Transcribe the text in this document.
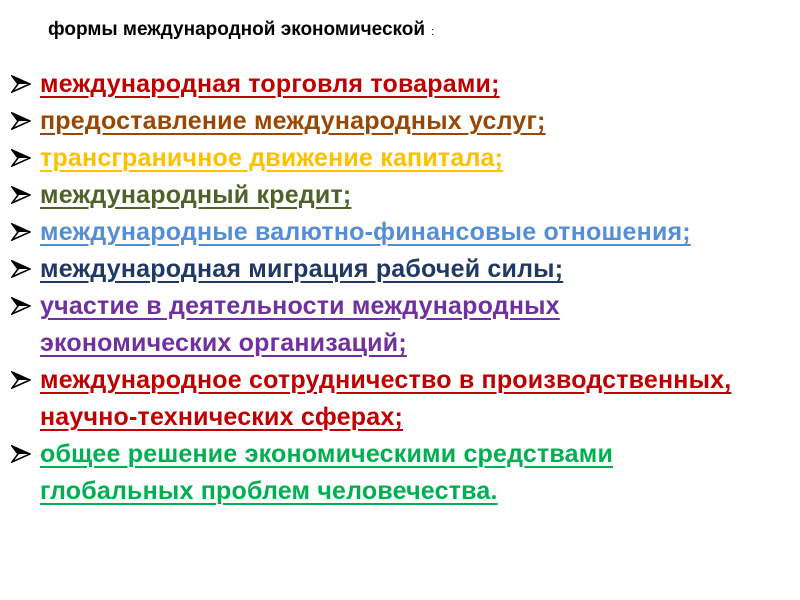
формы международной экономической :
международная торговля товарами;
предоставление международных услуг;
трансграничное движение капитала;
международный кредит;
международные валютно-финансовые отношения;
международная миграция рабочей силы;
участие в деятельности международных
экономических организаций;
международное сотрудничество в производственных,
научно-технических сферах;
общее решение экономическими средствами
глобальных проблем человечества.
